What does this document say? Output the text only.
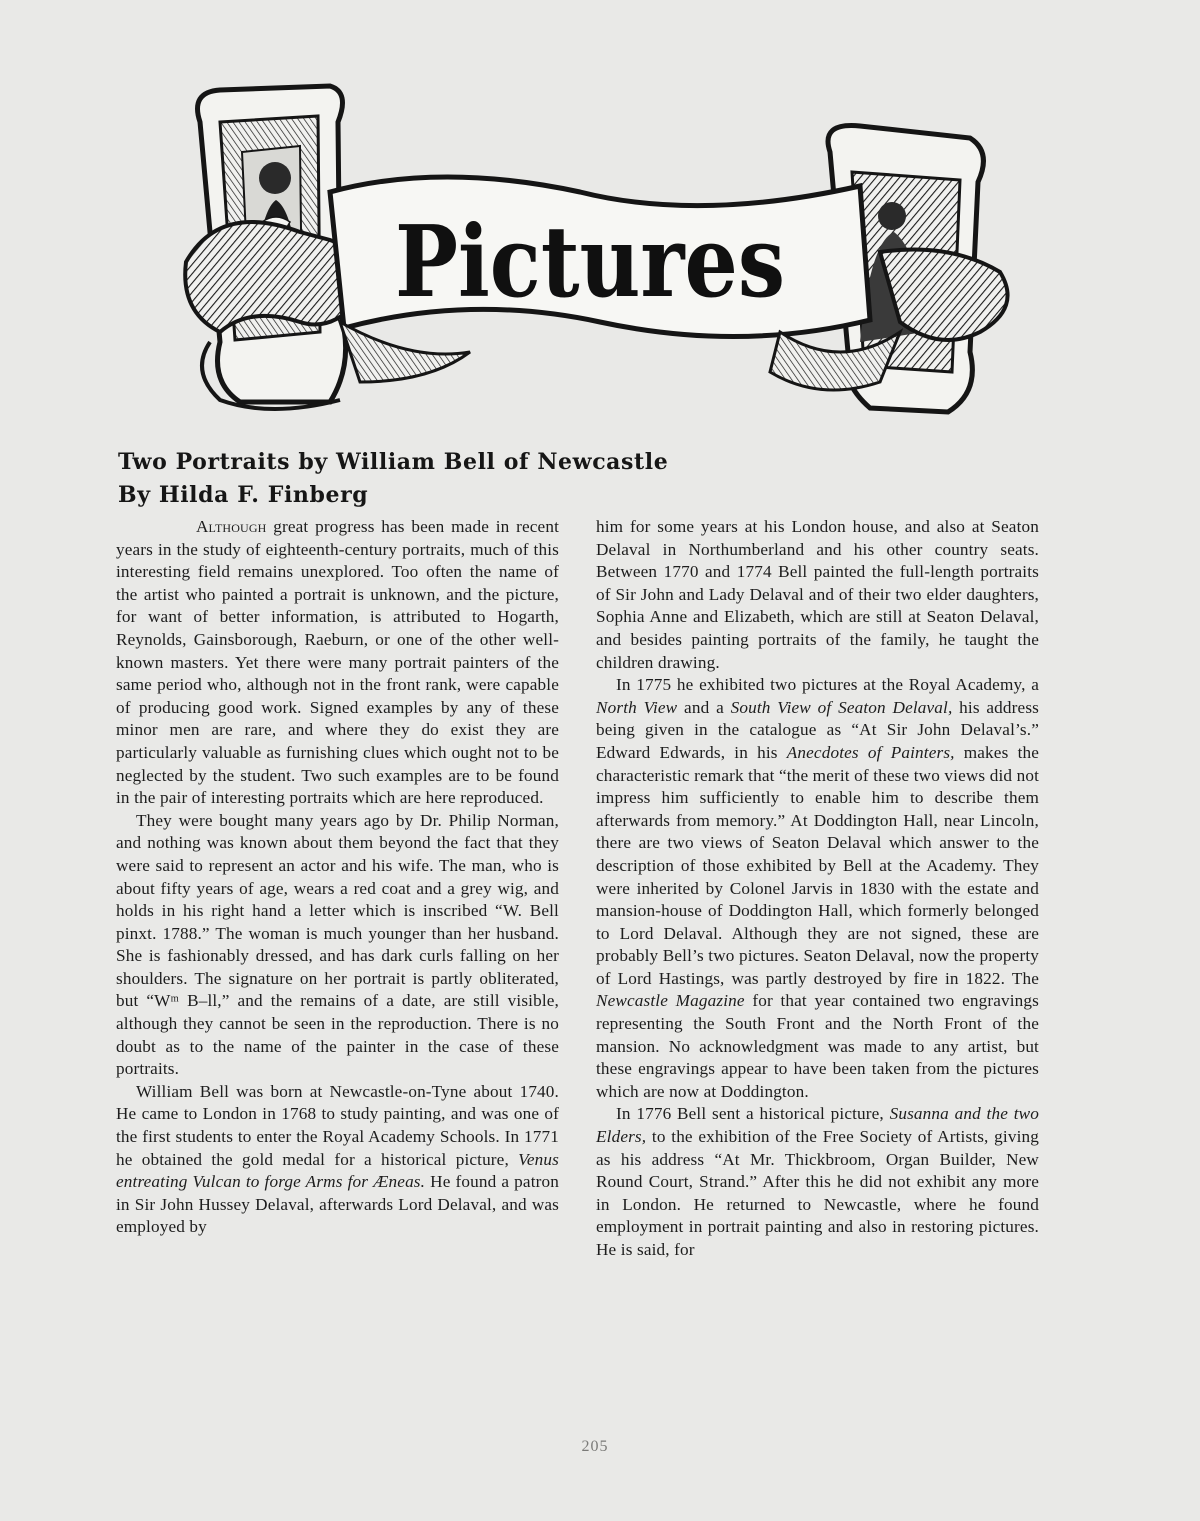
Pictures
Two Portraits by William Bell of Newcastle
By Hilda F. Finberg

Although great progress has been made in recent years in the study of eighteenth-century portraits, much of this interesting field remains unexplored. Too often the name of the artist who painted a portrait is unknown, and the picture, for want of better information, is attributed to Hogarth, Reynolds, Gainsborough, Raeburn, or one of the other well-known masters. Yet there were many portrait painters of the same period who, although not in the front rank, were capable of producing good work. Signed examples by any of these minor men are rare, and where they do exist they are particularly valuable as furnishing clues which ought not to be neglected by the student. Two such examples are to be found in the pair of interesting portraits which are here reproduced.

They were bought many years ago by Dr. Philip Norman, and nothing was known about them beyond the fact that they were said to represent an actor and his wife. The man, who is about fifty years of age, wears a red coat and a grey wig, and holds in his right hand a letter which is inscribed “W. Bell pinxt. 1788.” The woman is much younger than her husband. She is fashionably dressed, and has dark curls falling on her shoulders. The signature on her portrait is partly obliterated, but “Wᵐ B–ll,” and the remains of a date, are still visible, although they cannot be seen in the reproduction. There is no doubt as to the name of the painter in the case of these portraits.

William Bell was born at Newcastle-on-Tyne about 1740. He came to London in 1768 to study painting, and was one of the first students to enter the Royal Academy Schools. In 1771 he obtained the gold medal for a historical picture, Venus entreating Vulcan to forge Arms for Æneas. He found a patron in Sir John Hussey Delaval, afterwards Lord Delaval, and was employed by

him for some years at his London house, and also at Seaton Delaval in Northumberland and his other country seats. Between 1770 and 1774 Bell painted the full-length portraits of Sir John and Lady Delaval and of their two elder daughters, Sophia Anne and Elizabeth, which are still at Seaton Delaval, and besides painting portraits of the family, he taught the children drawing.

In 1775 he exhibited two pictures at the Royal Academy, a North View and a South View of Seaton Delaval, his address being given in the catalogue as “At Sir John Delaval’s.” Edward Edwards, in his Anecdotes of Painters, makes the characteristic remark that “the merit of these two views did not impress him sufficiently to enable him to describe them afterwards from memory.” At Doddington Hall, near Lincoln, there are two views of Seaton Delaval which answer to the description of those exhibited by Bell at the Academy. They were inherited by Colonel Jarvis in 1830 with the estate and mansion-house of Doddington Hall, which formerly belonged to Lord Delaval. Although they are not signed, these are probably Bell’s two pictures. Seaton Delaval, now the property of Lord Hastings, was partly destroyed by fire in 1822. The Newcastle Magazine for that year contained two engravings representing the South Front and the North Front of the mansion. No acknowledgment was made to any artist, but these engravings appear to have been taken from the pictures which are now at Doddington.

In 1776 Bell sent a historical picture, Susanna and the two Elders, to the exhibition of the Free Society of Artists, giving as his address “At Mr. Thickbroom, Organ Builder, New Round Court, Strand.” After this he did not exhibit any more in London. He returned to Newcastle, where he found employment in portrait painting and also in restoring pictures. He is said, for

205
